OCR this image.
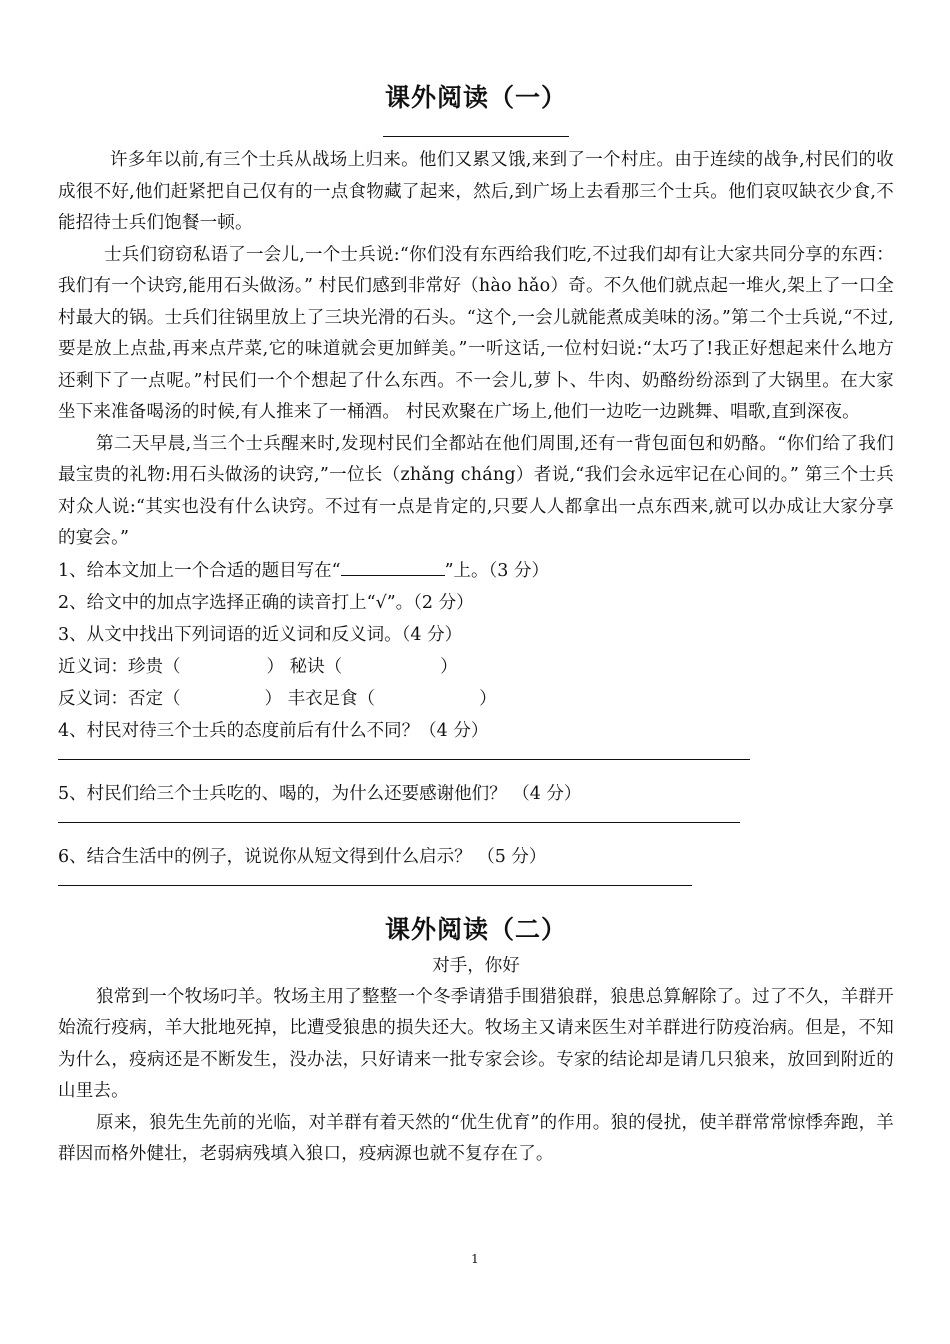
课外阅读（一）

许多年以前,有三个士兵从战场上归来。他们又累又饿,来到了一个村庄。由于连续的战争,村民们的收成很不好,他们赶紧把自己仅有的一点食物藏了起来，然后,到广场上去看那三个士兵。他们哀叹缺衣少食,不能招待士兵们饱餐一顿。

士兵们窃窃私语了一会儿,一个士兵说:“你们没有东西给我们吃,不过我们却有让大家共同分享的东西：我们有一个诀窍,能用石头做汤。” 村民们感到非常好（hào hǎo）奇。不久他们就点起一堆火,架上了一口全村最大的锅。士兵们往锅里放上了三块光滑的石头。“这个,一会儿就能煮成美味的汤。”第二个士兵说,“不过,要是放上点盐,再来点芹菜,它的味道就会更加鲜美。”一听这话,一位村妇说:“太巧了!我正好想起来什么地方还剩下了一点呢。”村民们一个个想起了什么东西。不一会儿,萝卜、牛肉、奶酪纷纷添到了大锅里。在大家坐下来准备喝汤的时候,有人推来了一桶酒。 村民欢聚在广场上,他们一边吃一边跳舞、唱歌,直到深夜。

第二天早晨,当三个士兵醒来时,发现村民们全都站在他们周围,还有一背包面包和奶酪。“你们给了我们最宝贵的礼物:用石头做汤的诀窍,”一位长（zhǎng cháng）者说,“我们会永远牢记在心间的。” 第三个士兵对众人说:“其实也没有什么诀窍。不过有一点是肯定的,只要人人都拿出一点东西来,就可以办成让大家分享的宴会。”

1、给本文加上一个合适的题目写在“	”上。（3 分）

2、给文中的加点字选择正确的读音打上“√”。（2 分）

3、从文中找出下列词语的近义词和反义词。（4 分）

近义词：珍贵（	） 秘诀（	）

反义词：否定（	） 丰衣足食（	）

4、村民对待三个士兵的态度前后有什么不同？（4 分）

5、村民们给三个士兵吃的、喝的，为什么还要感谢他们？ （4 分）

6、结合生活中的例子，说说你从短文得到什么启示？ （5 分）

课外阅读（二）

对手，你好

狼常到一个牧场叼羊。牧场主用了整整一个冬季请猎手围猎狼群，狼患总算解除了。过了不久，羊群开始流行疫病，羊大批地死掉，比遭受狼患的损失还大。牧场主又请来医生对羊群进行防疫治病。但是，不知为什么，疫病还是不断发生，没办法，只好请来一批专家会诊。专家的结论却是请几只狼来，放回到附近的山里去。

原来，狼先生先前的光临，对羊群有着天然的“优生优育”的作用。狼的侵扰，使羊群常常惊悸奔跑，羊群因而格外健壮，老弱病残填入狼口，疫病源也就不复存在了。

1
